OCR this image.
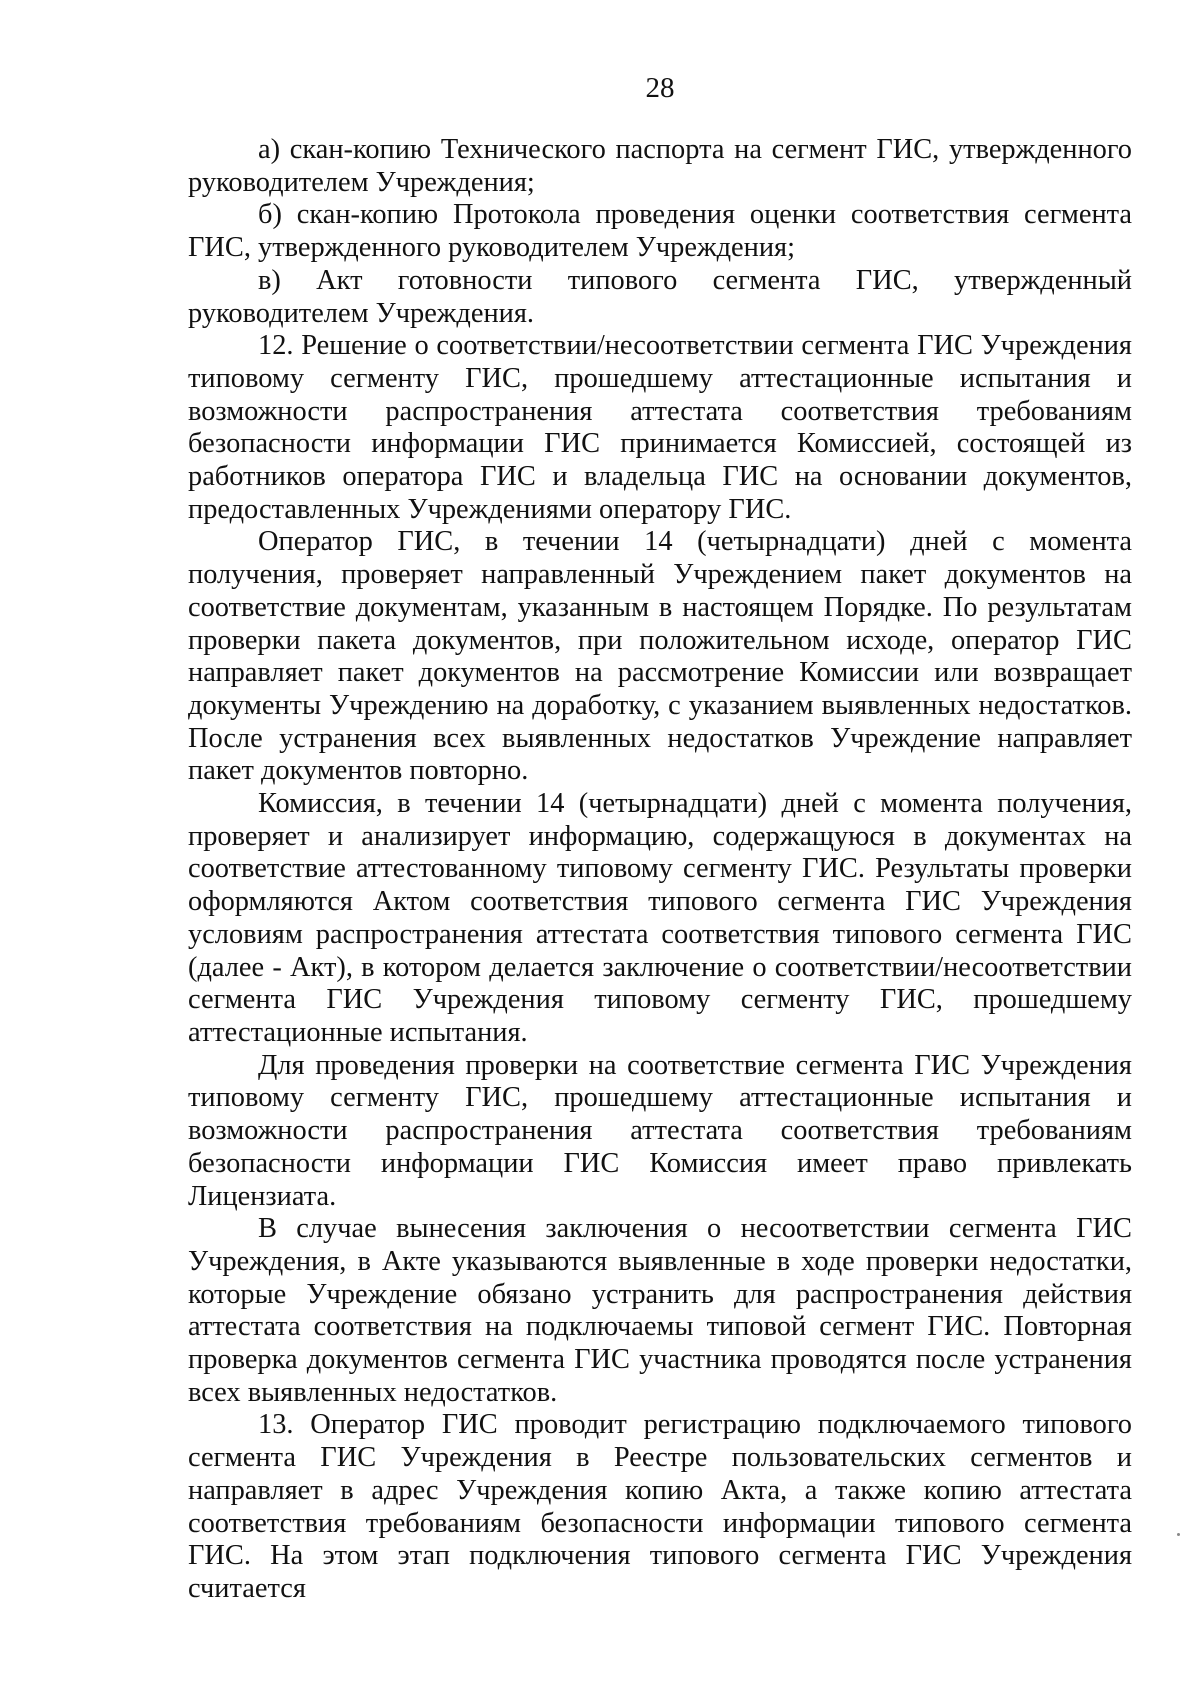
28

а) скан-копию Технического паспорта на сегмент ГИС, утвержденного руководителем Учреждения;

б) скан-копию Протокола проведения оценки соответствия сегмента ГИС, утвержденного руководителем Учреждения;

в) Акт готовности типового сегмента ГИС, утвержденный руководителем Учреждения.

12. Решение о соответствии/несоответствии сегмента ГИС Учреждения типовому сегменту ГИС, прошедшему аттестационные испытания и возможности распространения аттестата соответствия требованиям безопасности информации ГИС принимается Комиссией, состоящей из работников оператора ГИС и владельца ГИС на основании документов, предоставленных Учреждениями оператору ГИС.

Оператор ГИС, в течении 14 (четырнадцати) дней с момента получения, проверяет направленный Учреждением пакет документов на соответствие документам, указанным в настоящем Порядке. По результатам проверки пакета документов, при положительном исходе, оператор ГИС направляет пакет документов на рассмотрение Комиссии или возвращает документы Учреждению на доработку, с указанием выявленных недостатков. После устранения всех выявленных недостатков Учреждение направляет пакет документов повторно.

Комиссия, в течении 14 (четырнадцати) дней с момента получения, проверяет и анализирует информацию, содержащуюся в документах на соответствие аттестованному типовому сегменту ГИС. Результаты проверки оформляются Актом соответствия типового сегмента ГИС Учреждения условиям распространения аттестата соответствия типового сегмента ГИС (далее - Акт), в котором делается заключение о соответствии/несоответствии сегмента ГИС Учреждения типовому сегменту ГИС, прошедшему аттестационные испытания.

Для проведения проверки на соответствие сегмента ГИС Учреждения типовому сегменту ГИС, прошедшему аттестационные испытания и возможности распространения аттестата соответствия требованиям безопасности информации ГИС Комиссия имеет право привлекать Лицензиата.

В случае вынесения заключения о несоответствии сегмента ГИС Учреждения, в Акте указываются выявленные в ходе проверки недостатки, которые Учреждение обязано устранить для распространения действия аттестата соответствия на подключаемы типовой сегмент ГИС. Повторная проверка документов сегмента ГИС участника проводятся после устранения всех выявленных недостатков.

13. Оператор ГИС проводит регистрацию подключаемого типового сегмента ГИС Учреждения в Реестре пользовательских сегментов и направляет в адрес Учреждения копию Акта, а также копию аттестата соответствия требованиям безопасности информации типового сегмента ГИС. На этом этап подключения типового сегмента ГИС Учреждения считается
